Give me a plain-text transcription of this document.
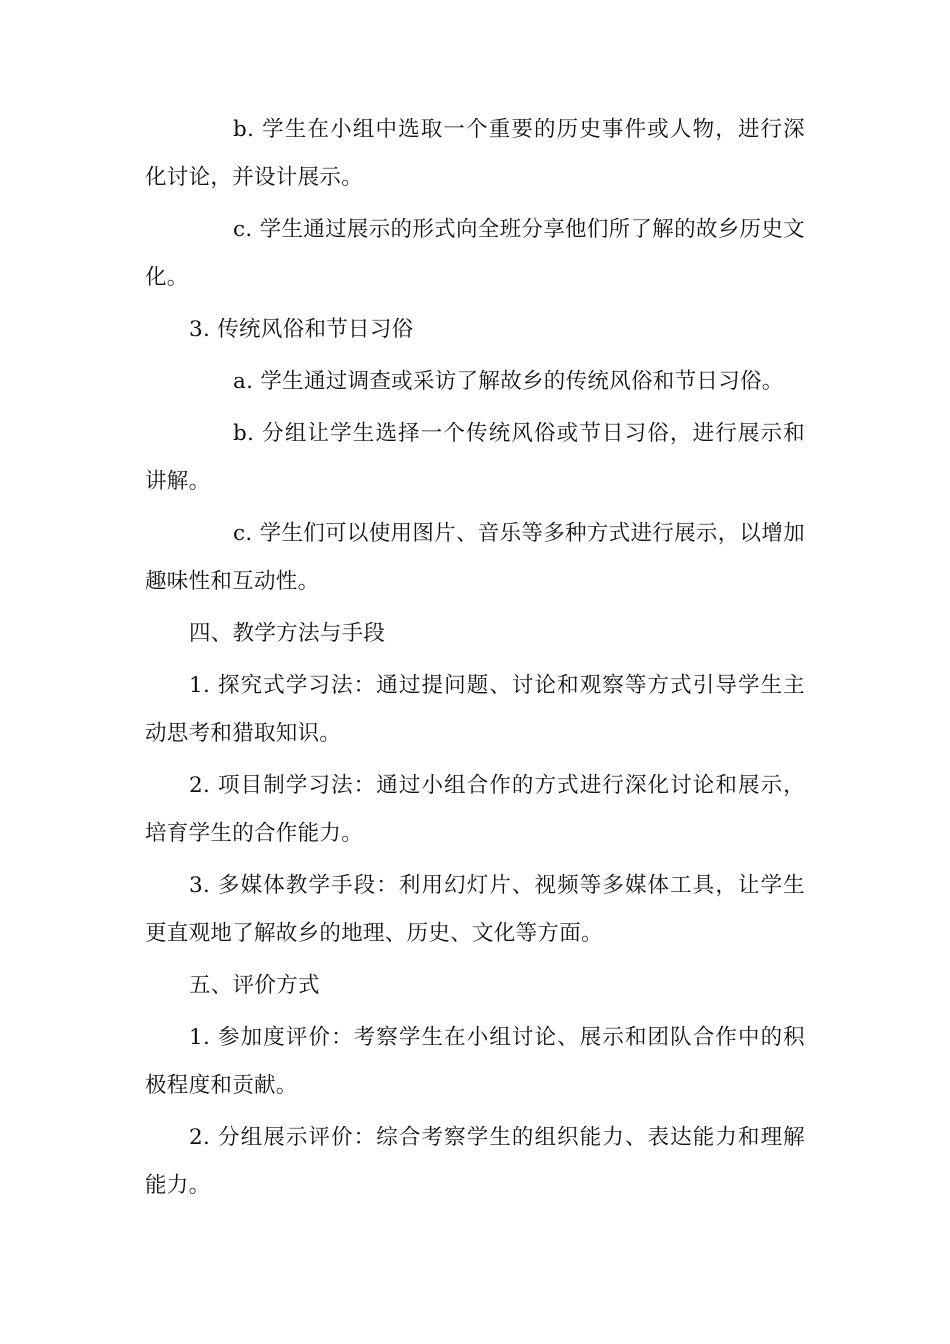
b. 学生在小组中选取一个重要的历史事件或人物，进行深化讨论，并设计展示。

c. 学生通过展示的形式向全班分享他们所了解的故乡历史文化。

3. 传统风俗和节日习俗

a. 学生通过调查或采访了解故乡的传统风俗和节日习俗。

b. 分组让学生选择一个传统风俗或节日习俗，进行展示和讲解。

c. 学生们可以使用图片、音乐等多种方式进行展示，以增加趣味性和互动性。

四、教学方法与手段

1. 探究式学习法：通过提问题、讨论和观察等方式引导学生主动思考和猎取知识。

2. 项目制学习法：通过小组合作的方式进行深化讨论和展示，培育学生的合作能力。

3. 多媒体教学手段：利用幻灯片、视频等多媒体工具，让学生更直观地了解故乡的地理、历史、文化等方面。

五、评价方式

1. 参加度评价：考察学生在小组讨论、展示和团队合作中的积极程度和贡献。

2. 分组展示评价：综合考察学生的组织能力、表达能力和理解能力。
